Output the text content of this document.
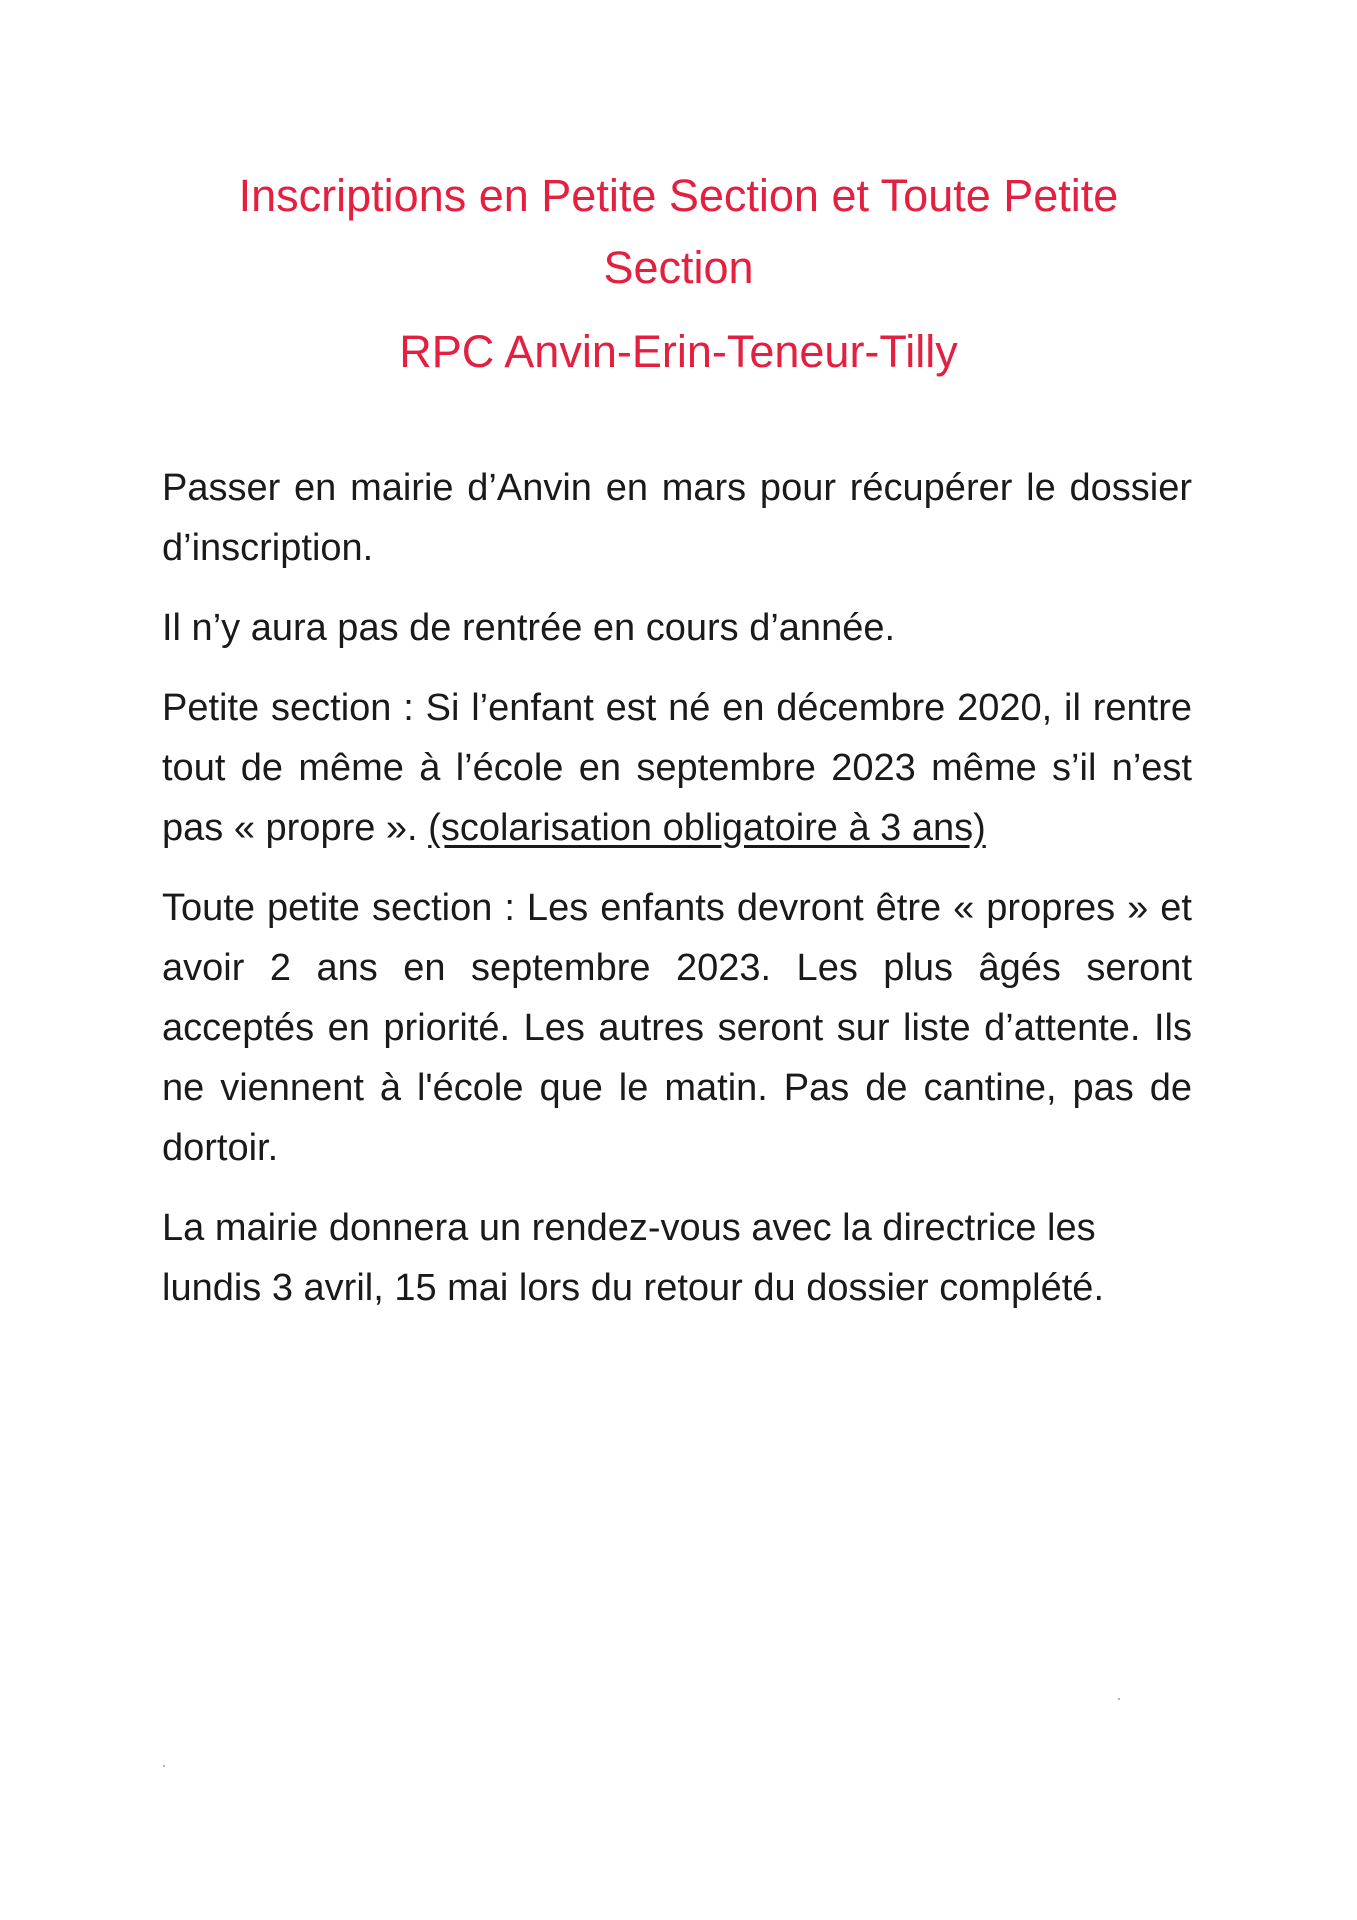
Inscriptions en Petite Section et Toute Petite
Section
RPC Anvin-Erin-Teneur-Tilly

Passer en mairie d’Anvin en mars pour récupérer le dossier d’inscription.

Il n’y aura pas de rentrée en cours d’année.

Petite section : Si l’enfant est né en décembre 2020, il rentre tout de même à l’école en septembre 2023 même s’il n’est pas « propre ». (scolarisation obligatoire à 3 ans)

Toute petite section : Les enfants devront être « propres » et avoir 2 ans en septembre 2023. Les plus âgés seront acceptés en priorité. Les autres seront sur liste d’attente. Ils ne viennent à l'école que le matin. Pas de cantine, pas de dortoir.

La mairie donnera un rendez-vous avec la directrice les lundis 3 avril, 15 mai lors du retour du dossier complété.
